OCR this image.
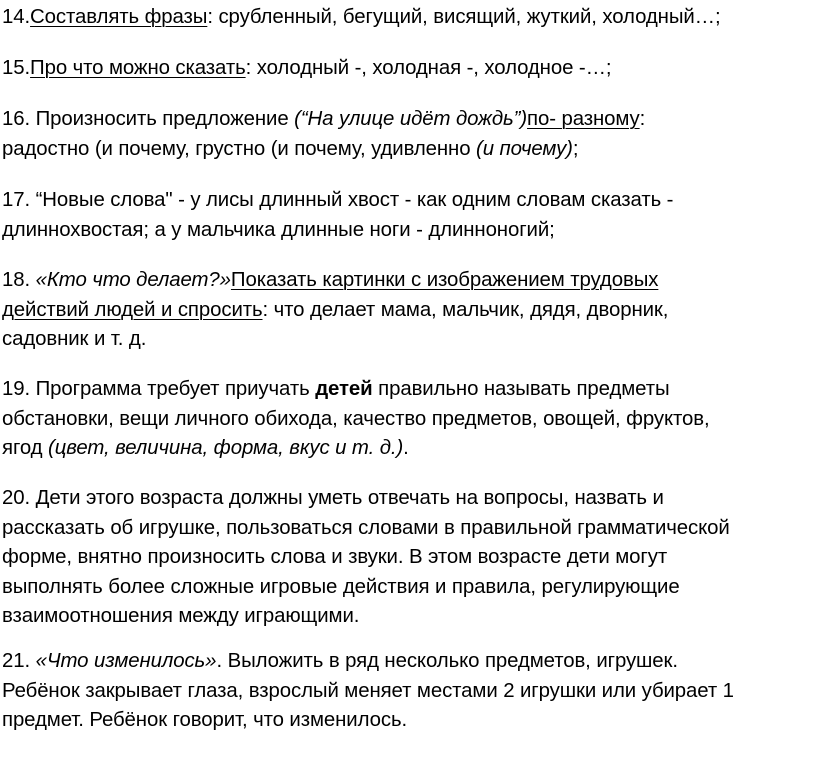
14.Составлять фразы: срубленный, бегущий, висящий, жуткий, холодный…;
15.Про что можно сказать: холодный -, холодная -, холодное -…;
16. Произносить предложение (“На улице идёт дождь”)по- разному:
радостно (и почему, грустно (и почему, удивленно (и почему);
17. “Новые слова" - у лисы длинный хвост - как одним словам сказать -
длиннохвостая; а у мальчика длинные ноги - длинноногий;
18. «Кто что делает?»Показать картинки с изображением трудовых
действий людей и спросить: что делает мама, мальчик, дядя, дворник,
садовник и т. д.
19. Программа требует приучать детей правильно называть предметы
обстановки, вещи личного обихода, качество предметов, овощей, фруктов,
ягод (цвет, величина, форма, вкус и т. д.).
20. Дети этого возраста должны уметь отвечать на вопросы, назвать и
рассказать об игрушке, пользоваться словами в правильной грамматической
форме, внятно произносить слова и звуки. В этом возрасте дети могут
выполнять более сложные игровые действия и правила, регулирующие
взаимоотношения между играющими.
21. «Что изменилось». Выложить в ряд несколько предметов, игрушек.
Ребёнок закрывает глаза, взрослый меняет местами 2 игрушки или убирает 1
предмет. Ребёнок говорит, что изменилось.
